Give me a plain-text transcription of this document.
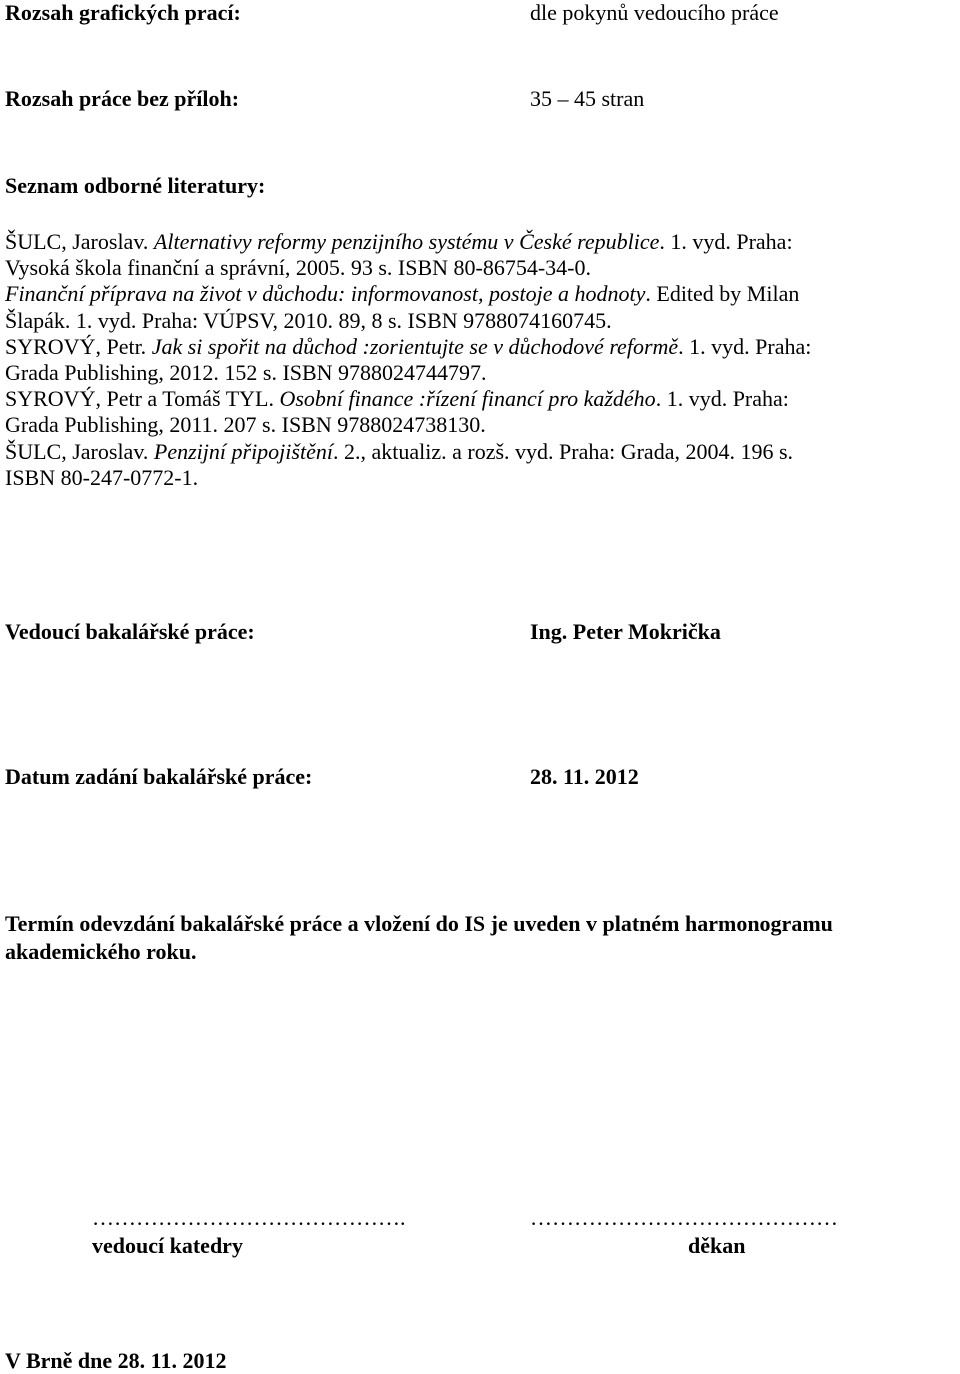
Rozsah grafických prací:	dle pokynů vedoucího práce
Rozsah práce bez příloh:	35 – 45 stran
Seznam odborné literatury:
ŠULC, Jaroslav. Alternativy reformy penzijního systému v České republice. 1. vyd. Praha:
Vysoká škola finanční a správní, 2005. 93 s. ISBN 80-86754-34-0.
Finanční příprava na život v důchodu: informovanost, postoje a hodnoty. Edited by Milan
Šlapák. 1. vyd. Praha: VÚPSV, 2010. 89, 8 s. ISBN 9788074160745.
SYROVÝ, Petr. Jak si spořit na důchod :zorientujte se v důchodové reformě. 1. vyd. Praha:
Grada Publishing, 2012. 152 s. ISBN 9788024744797.
SYROVÝ, Petr a Tomáš TYL. Osobní finance :řízení financí pro každého. 1. vyd. Praha:
Grada Publishing, 2011. 207 s. ISBN 9788024738130.
ŠULC, Jaroslav. Penzijní připojištění. 2., aktualiz. a rozš. vyd. Praha: Grada, 2004. 196 s.
ISBN 80-247-0772-1.
Vedoucí bakalářské práce:	Ing. Peter Mokrička
Datum zadání bakalářské práce:	28. 11. 2012
Termín odevzdání bakalářské práce a vložení do IS je uveden v platném harmonogramu
akademického roku.
…………………………………….
vedoucí katedry
……………………………………
děkan
V Brně dne 28. 11. 2012
